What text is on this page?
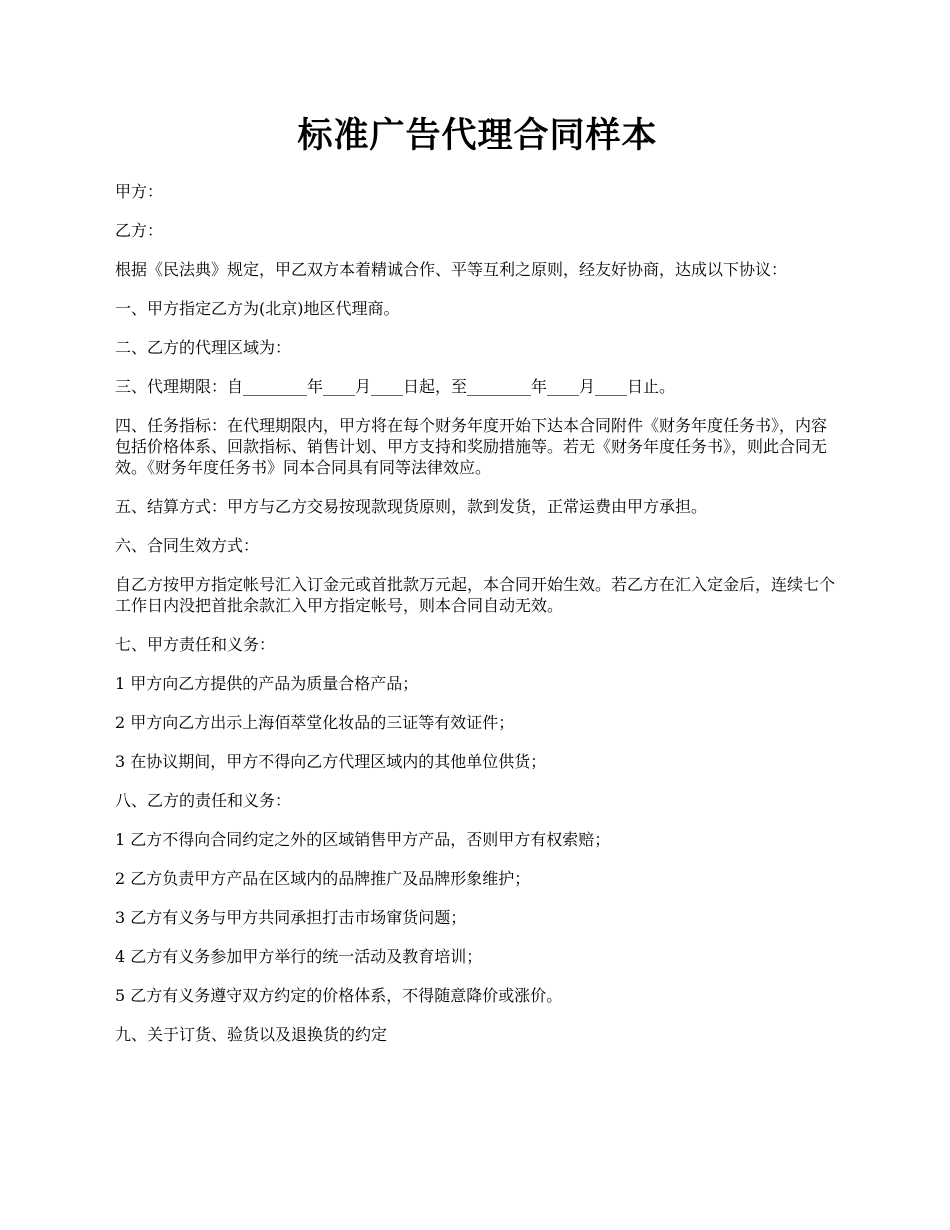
标准广告代理合同样本

甲方：

乙方：

根据《民法典》规定，甲乙双方本着精诚合作、平等互利之原则，经友好协商，达成以下协议：

一、甲方指定乙方为(北京)地区代理商。

二、乙方的代理区域为：

三、代理期限：自________年____月____日起，至________年____月____日止。

四、任务指标：在代理期限内，甲方将在每个财务年度开始下达本合同附件《财务年度任务书》，内容包括价格体系、回款指标、销售计划、甲方支持和奖励措施等。若无《财务年度任务书》，则此合同无效。《财务年度任务书》同本合同具有同等法律效应。

五、结算方式：甲方与乙方交易按现款现货原则，款到发货，正常运费由甲方承担。

六、合同生效方式：

自乙方按甲方指定帐号汇入订金元或首批款万元起，本合同开始生效。若乙方在汇入定金后，连续七个工作日内没把首批余款汇入甲方指定帐号，则本合同自动无效。

七、甲方责任和义务：

1 甲方向乙方提供的产品为质量合格产品；

2 甲方向乙方出示上海佰萃堂化妆品的三证等有效证件；

3 在协议期间，甲方不得向乙方代理区域内的其他单位供货；

八、乙方的责任和义务：

1 乙方不得向合同约定之外的区域销售甲方产品，否则甲方有权索赔；

2 乙方负责甲方产品在区域内的品牌推广及品牌形象维护；

3 乙方有义务与甲方共同承担打击市场窜货问题；

4 乙方有义务参加甲方举行的统一活动及教育培训；

5 乙方有义务遵守双方约定的价格体系，不得随意降价或涨价。

九、关于订货、验货以及退换货的约定
